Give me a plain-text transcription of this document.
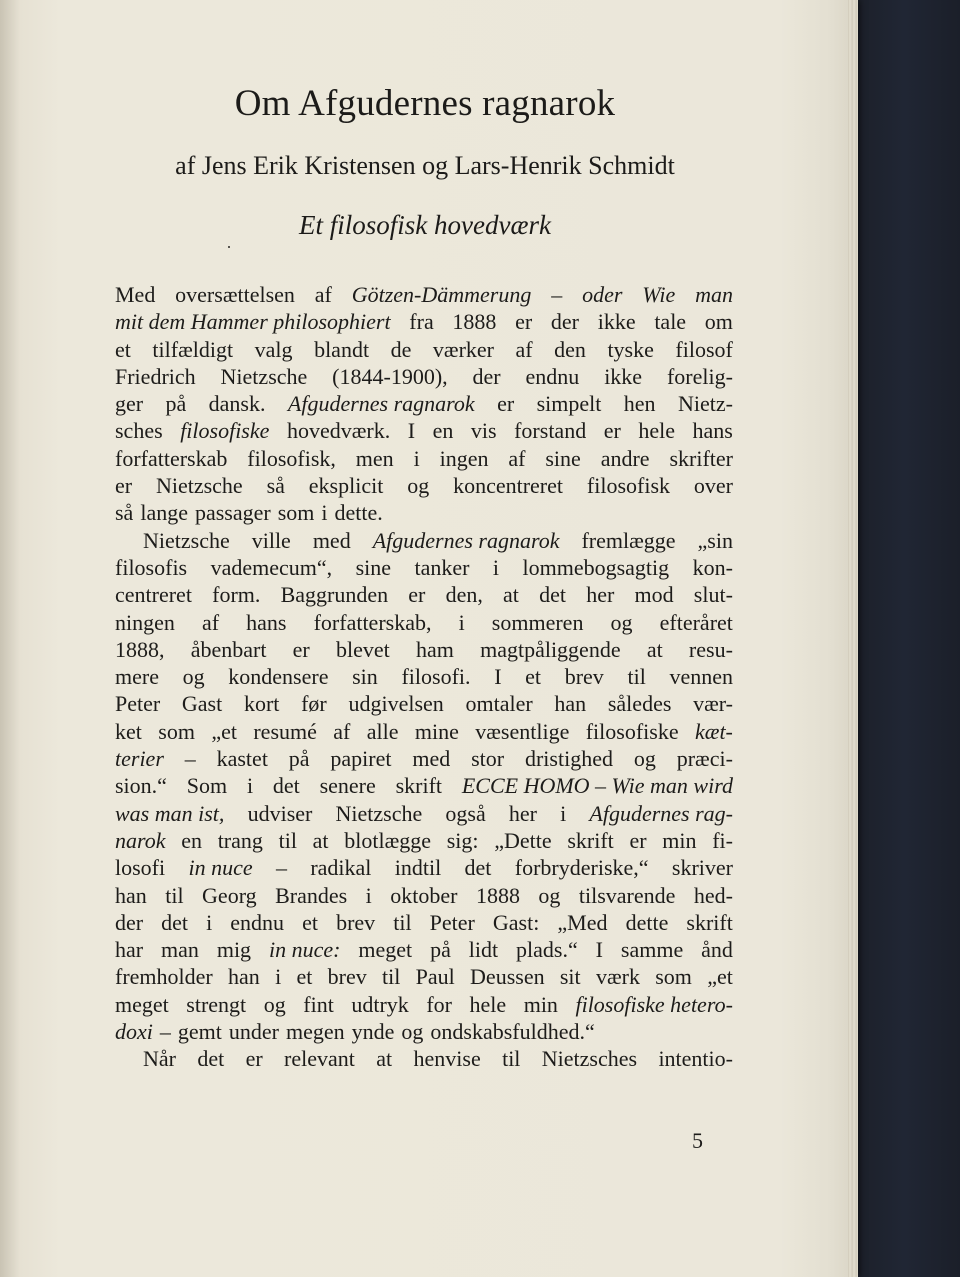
Om Afgudernes ragnarok

af Jens Erik Kristensen og Lars-Henrik Schmidt

Et filosofisk hovedværk

Med oversættelsen af Götzen-Dämmerung – oder Wie man
mit dem Hammer philosophiert fra 1888 er der ikke tale om
et tilfældigt valg blandt de værker af den tyske filosof
Friedrich Nietzsche (1844-1900), der endnu ikke forelig-
ger på dansk. Afgudernes ragnarok er simpelt hen Nietz-
sches filosofiske hovedværk. I en vis forstand er hele hans
forfatterskab filosofisk, men i ingen af sine andre skrifter
er Nietzsche så eksplicit og koncentreret filosofisk over
så lange passager som i dette.
Nietzsche ville med Afgudernes ragnarok fremlægge „sin
filosofis vademecum“, sine tanker i lommebogsagtig kon-
centreret form. Baggrunden er den, at det her mod slut-
ningen af hans forfatterskab, i sommeren og efteråret
1888, åbenbart er blevet ham magtpåliggende at resu-
mere og kondensere sin filosofi. I et brev til vennen
Peter Gast kort før udgivelsen omtaler han således vær-
ket som „et resumé af alle mine væsentlige filosofiske kæt-
terier – kastet på papiret med stor dristighed og præci-
sion.“ Som i det senere skrift ECCE HOMO – Wie man wird
was man ist, udviser Nietzsche også her i Afgudernes rag-
narok en trang til at blotlægge sig: „Dette skrift er min fi-
losofi in nuce – radikal indtil det forbryderiske,“ skriver
han til Georg Brandes i oktober 1888 og tilsvarende hed-
der det i endnu et brev til Peter Gast: „Med dette skrift
har man mig in nuce: meget på lidt plads.“ I samme ånd
fremholder han i et brev til Paul Deussen sit værk som „et
meget strengt og fint udtryk for hele min filosofiske hetero-
doxi – gemt under megen ynde og ondskabsfuldhed.“
Når det er relevant at henvise til Nietzsches intentio-
5
